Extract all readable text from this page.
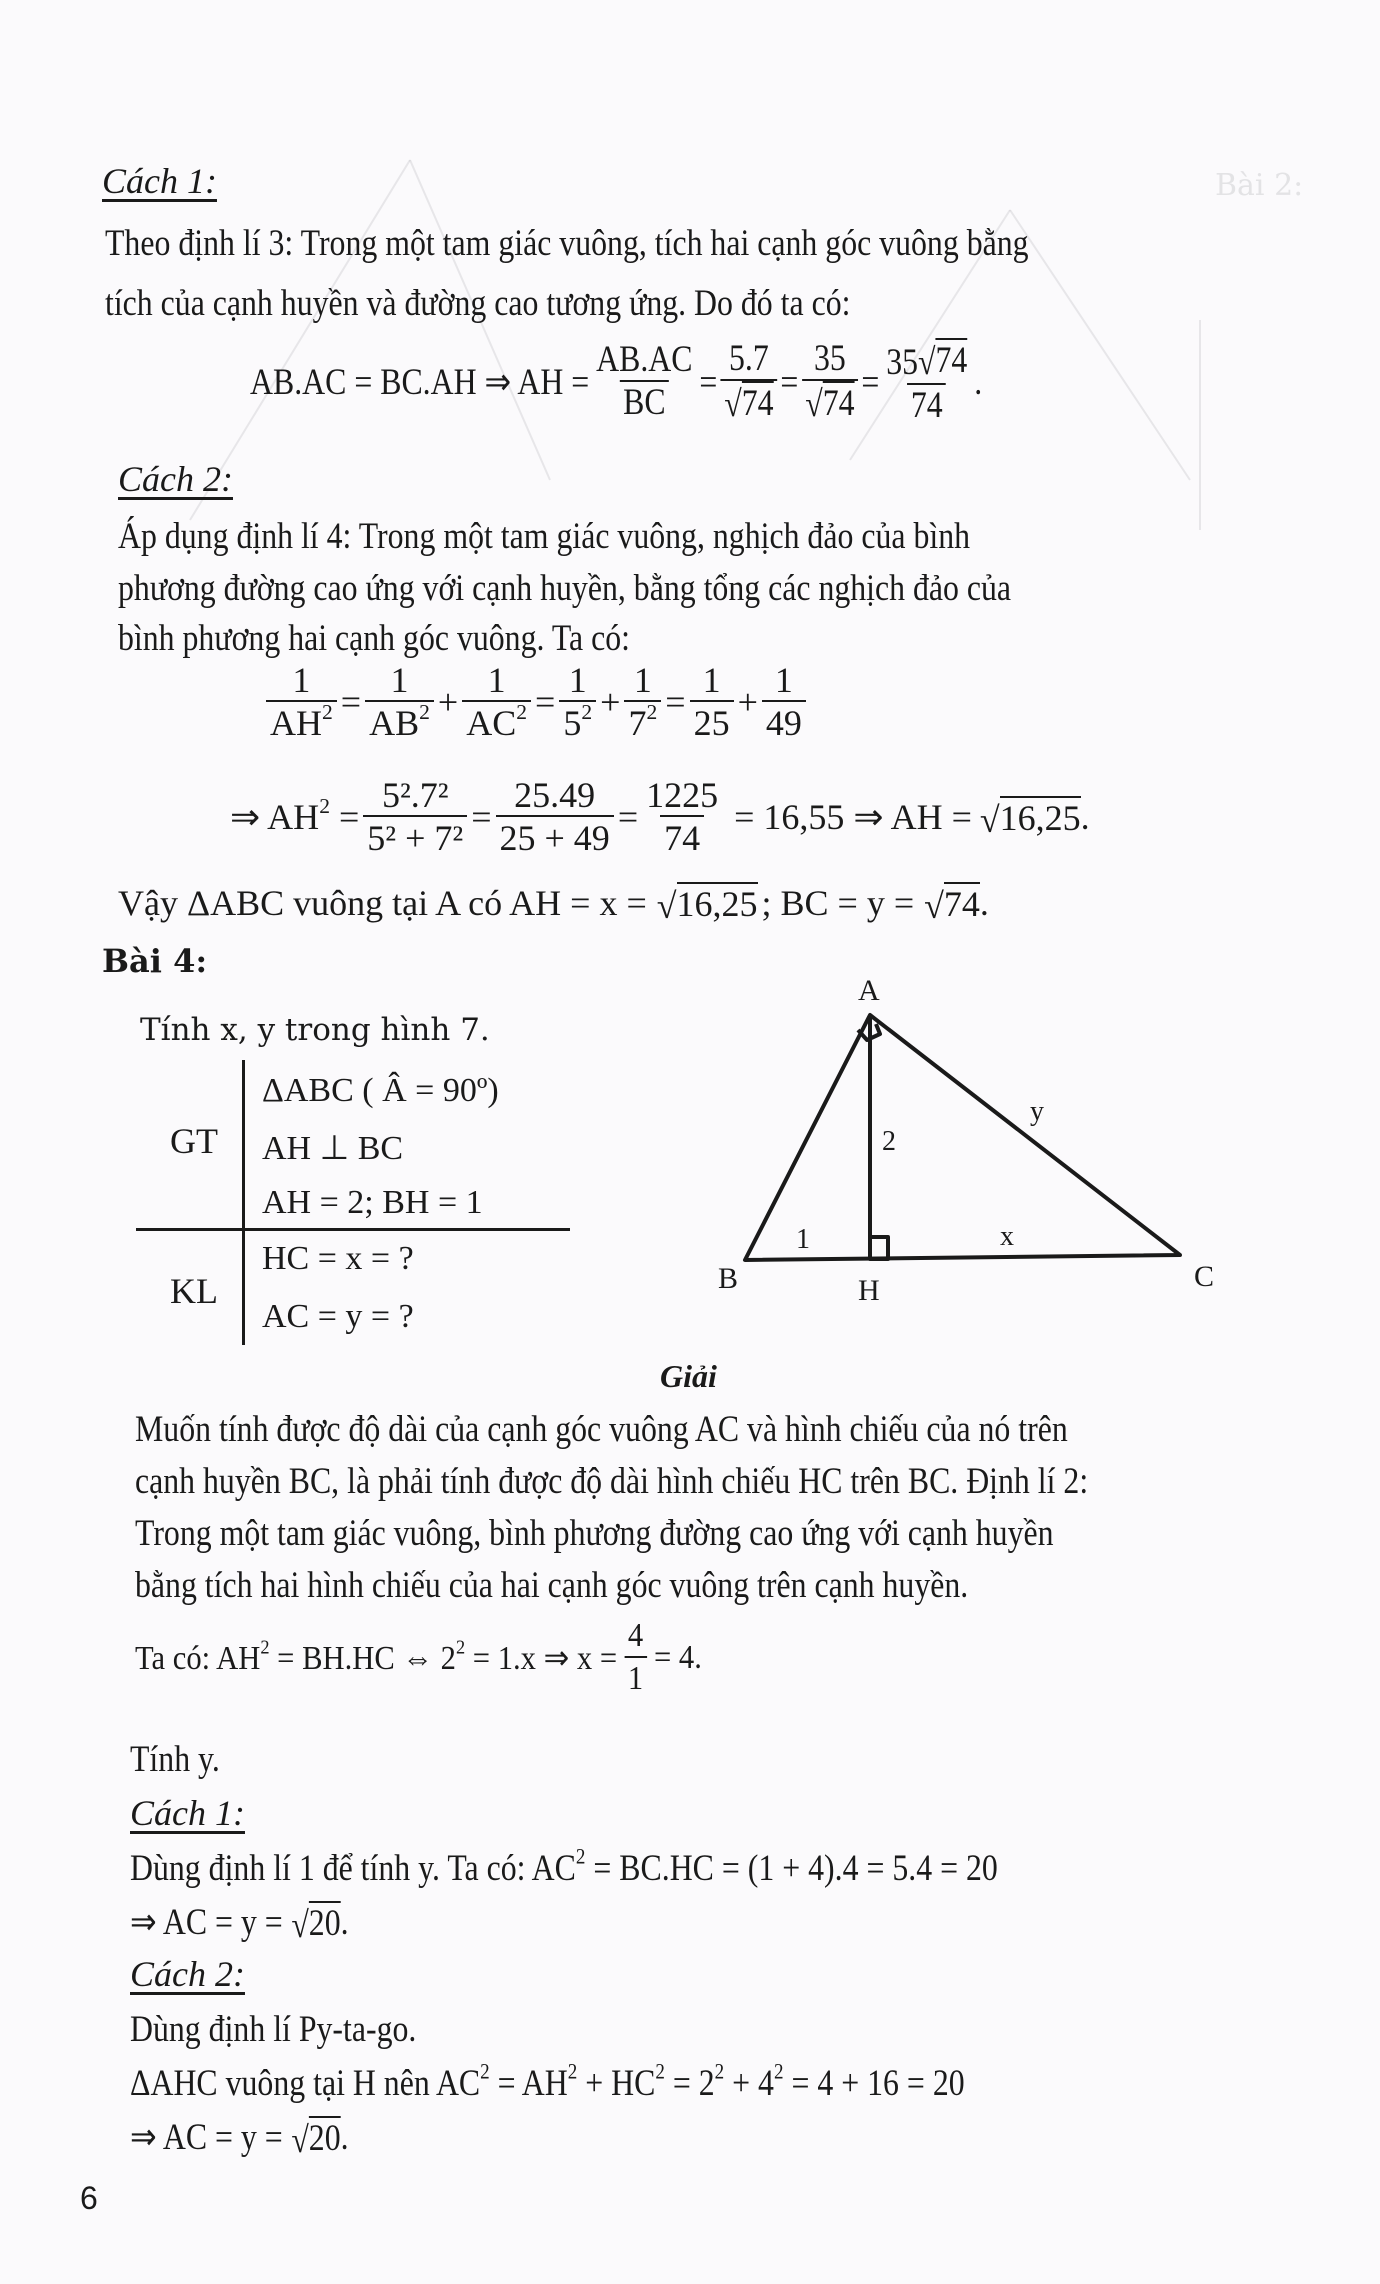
Bài 2:
Cách 1:
Theo định lí 3: Trong một tam giác vuông, tích hai cạnh góc vuông bằng
tích của cạnh huyền và đường cao tương ứng. Do đó ta có:
AB.AC = BC.AH ⇒ AH = $\frac{AB.AC}{BC} = \frac{5.7}{√ 74} = \frac{35}{√ 74} = \frac{35 √ 74}{74}$ .
Cách 2:
Áp dụng định lí 4: Trong một tam giác vuông, nghịch đảo của bình
phương đường cao ứng với cạnh huyền, bằng tổng các nghịch đảo của
bình phương hai cạnh góc vuông. Ta có:
$\frac{1}{AH^2} = \frac{1}{AB^2} + \frac{1}{AC^2} = \frac{1}{5^2} + \frac{1}{7^2} = \frac{1}{25} + \frac{1}{49}$
⇒ $AH^2 = \frac{\text{5².7²}}{\text{5² + 7²}} = \frac{25.49}{25 + 49} = \frac{1225}{74} = 16,55$ ⇒ AH = √ 16,25 .
Vậy ΔABC vuông tại A có AH = x = √ 16,25 ; BC = y = √ 74 .
Bài 4:
Tính x, y trong hình 7.
GT
ΔABC ( Â = 90º)
AH ⊥ BC
AH = 2; BH = 1
KL
HC = x = ?
AC = y = ?
A
B	H	C
2
1	x
y
Giải
Muốn tính được độ dài của cạnh góc vuông AC và hình chiếu của nó trên
cạnh huyền BC, là phải tính được độ dài hình chiếu HC trên BC. Định lí 2:
Trong một tam giác vuông, bình phương đường cao ứng với cạnh huyền
bằng tích hai hình chiếu của hai cạnh góc vuông trên cạnh huyền.
Ta có: $AH^2 = BH.HC$ ⇔ $2^2 = 1.x$ ⇒ $x = \frac{4}{1} = 4$.
Tính y.
Cách 1:
Dùng định lí 1 để tính y. Ta có: $AC^2 = BC.HC = (1 + 4).4 = 5.4 = 20$
⇒ AC = y = √ 20 .
Cách 2:
Dùng định lí Py-ta-go.
ΔAHC vuông tại H nên $AC^2 = AH^2 + HC^2 = 2^2 + 4^2 = 4 + 16 = 20$
⇒ AC = y = √ 20 .
6
